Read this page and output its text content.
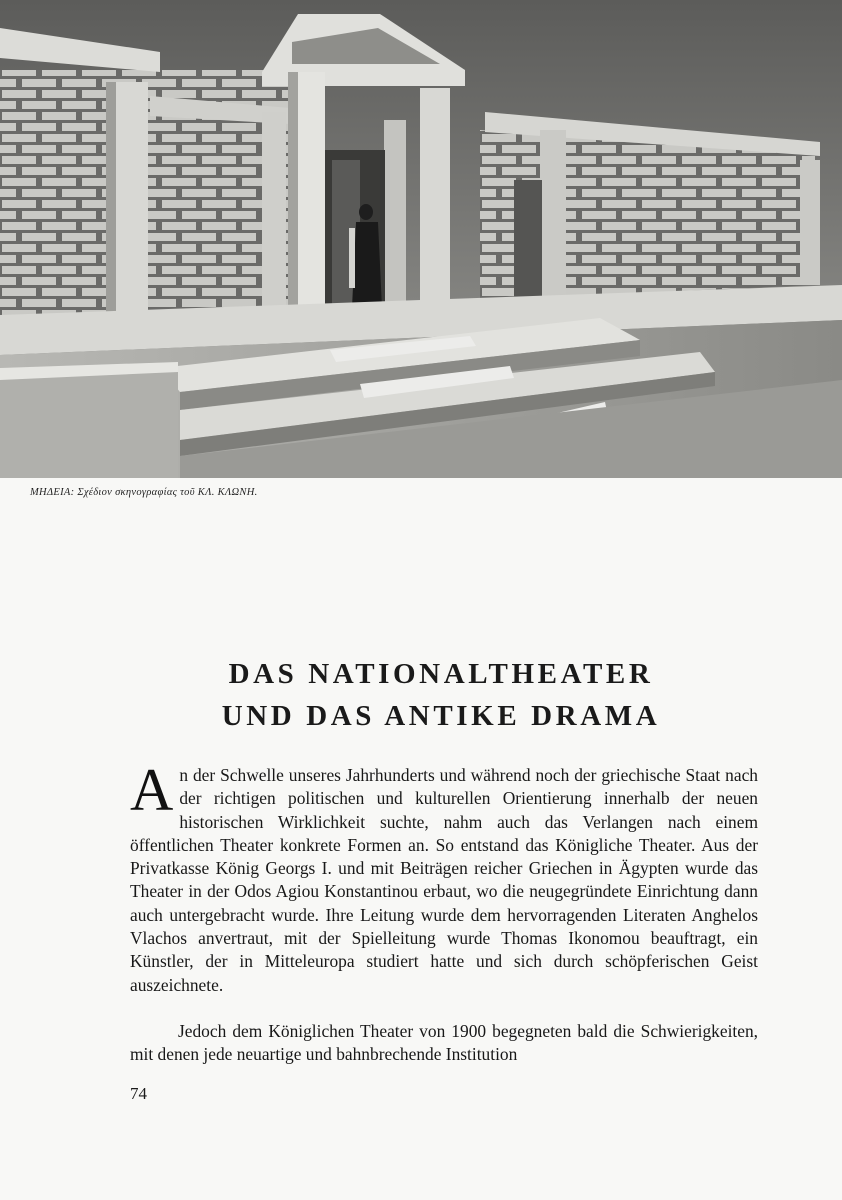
ΜΗΔΕΙΑ: Σχέδιον σκηνογραφίας τοῦ ΚΛ. ΚΛΩΝΗ.
DAS NATIONALTHEATER
UND DAS ANTIKE DRAMA
An der Schwelle unseres Jahrhunderts und während noch der griechische Staat nach der richtigen politischen und kulturellen Orientierung innerhalb der neuen historischen Wirklichkeit suchte, nahm auch das Verlangen nach einem öffentlichen Theater konkrete Formen an. So entstand das Königliche Theater. Aus der Privatkasse König Georgs I. und mit Beiträgen reicher Griechen in Ägypten wurde das Theater in der Odos Agiou Konstantinou erbaut, wo die neugegründete Einrichtung dann auch untergebracht wurde. Ihre Leitung wurde dem hervorragenden Literaten Anghelos Vlachos anvertraut, mit der Spielleitung wurde Thomas Ikonomou beauftragt, ein Künstler, der in Mitteleuropa studiert hatte und sich durch schöpferischen Geist auszeichnete.
Jedoch dem Königlichen Theater von 1900 begegneten bald die Schwierigkeiten, mit denen jede neuartige und bahnbrechende Institution
74
